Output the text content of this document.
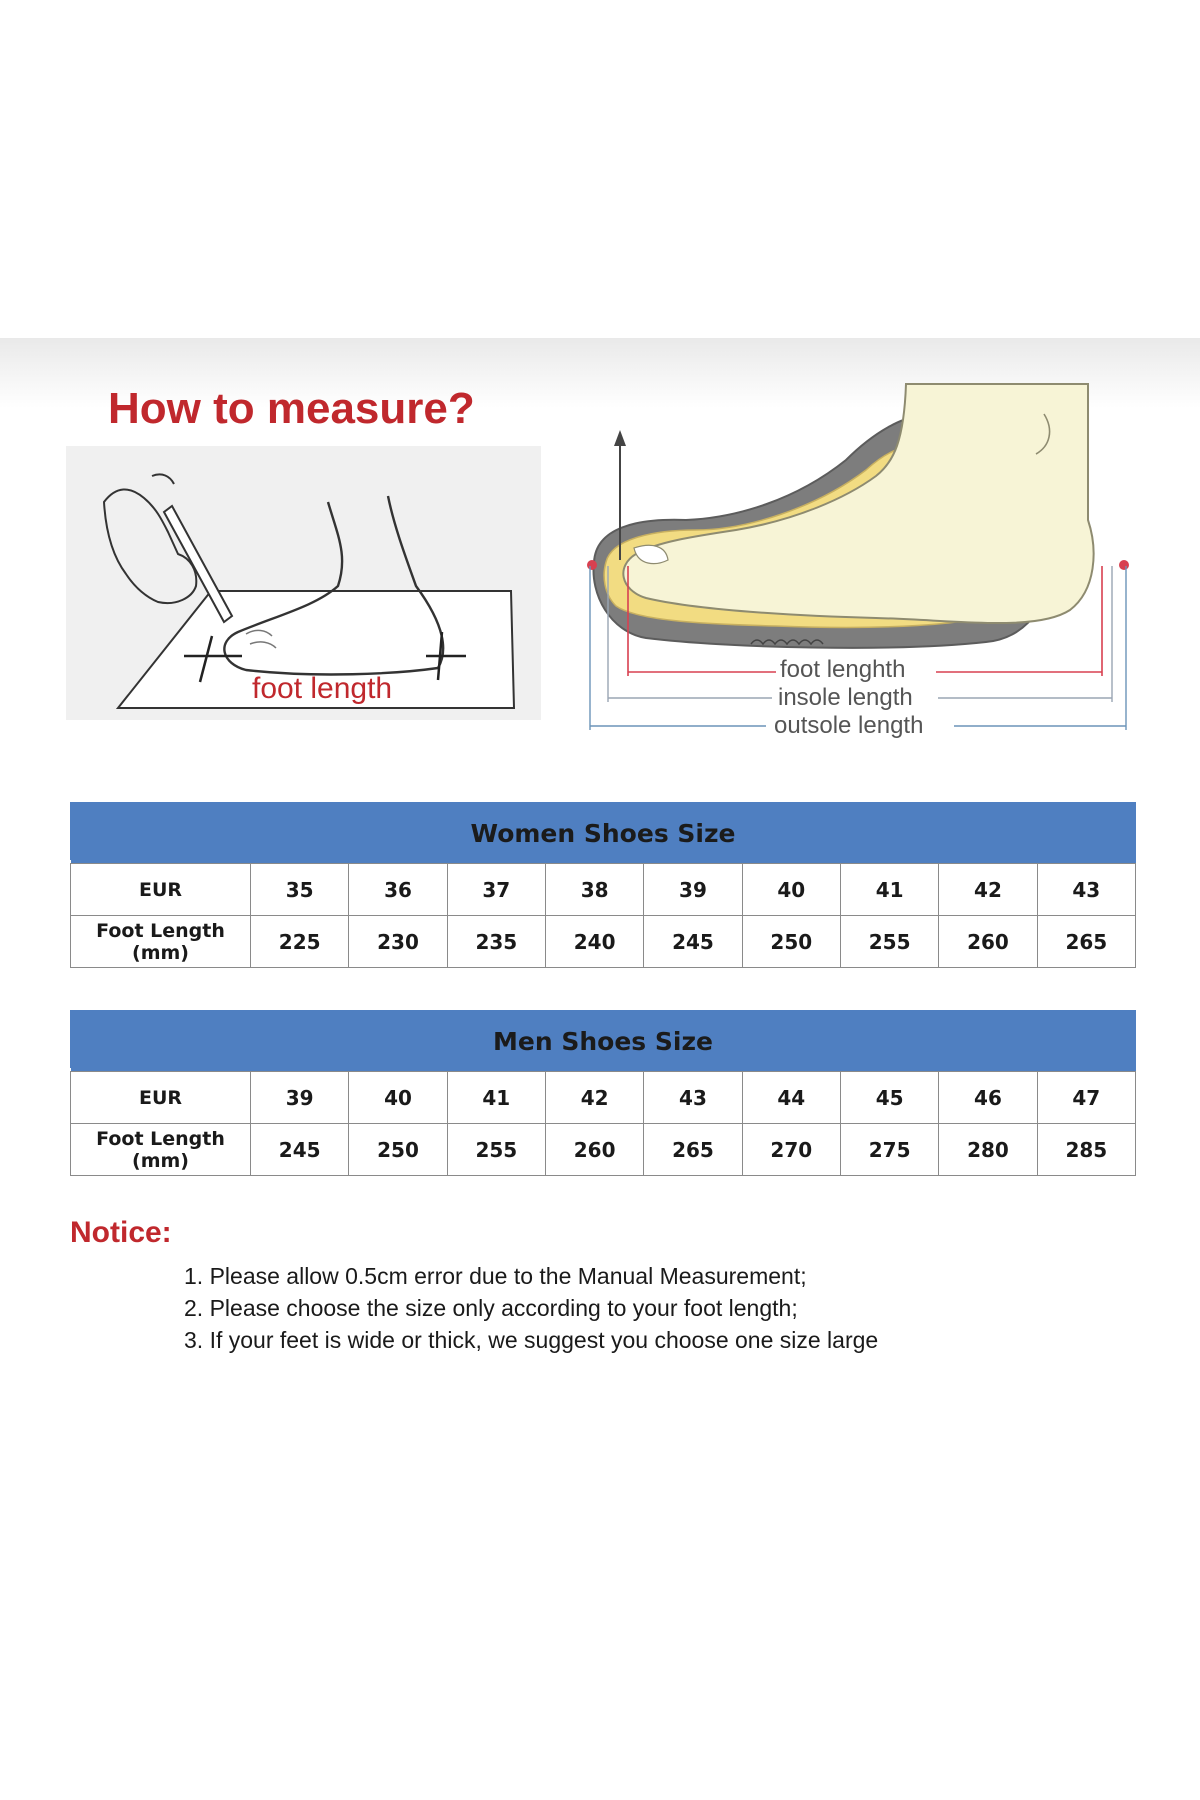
How to measure?
foot length
foot lenghth
insole length
outsole length
Women Shoes Size									

EUR	35	36	37	38	39	40	41	42	43
Foot Length
(mm)	225	230	235	240	245	250	255	260	265
Men Shoes Size									

EUR	39	40	41	42	43	44	45	46	47
Foot Length
(mm)	245	250	255	260	265	270	275	280	285
Notice:
1. Please allow 0.5cm error due to the Manual Measurement;
2. Please choose the size only according to your foot length;
3. If your feet is wide or thick, we suggest you choose one size large
